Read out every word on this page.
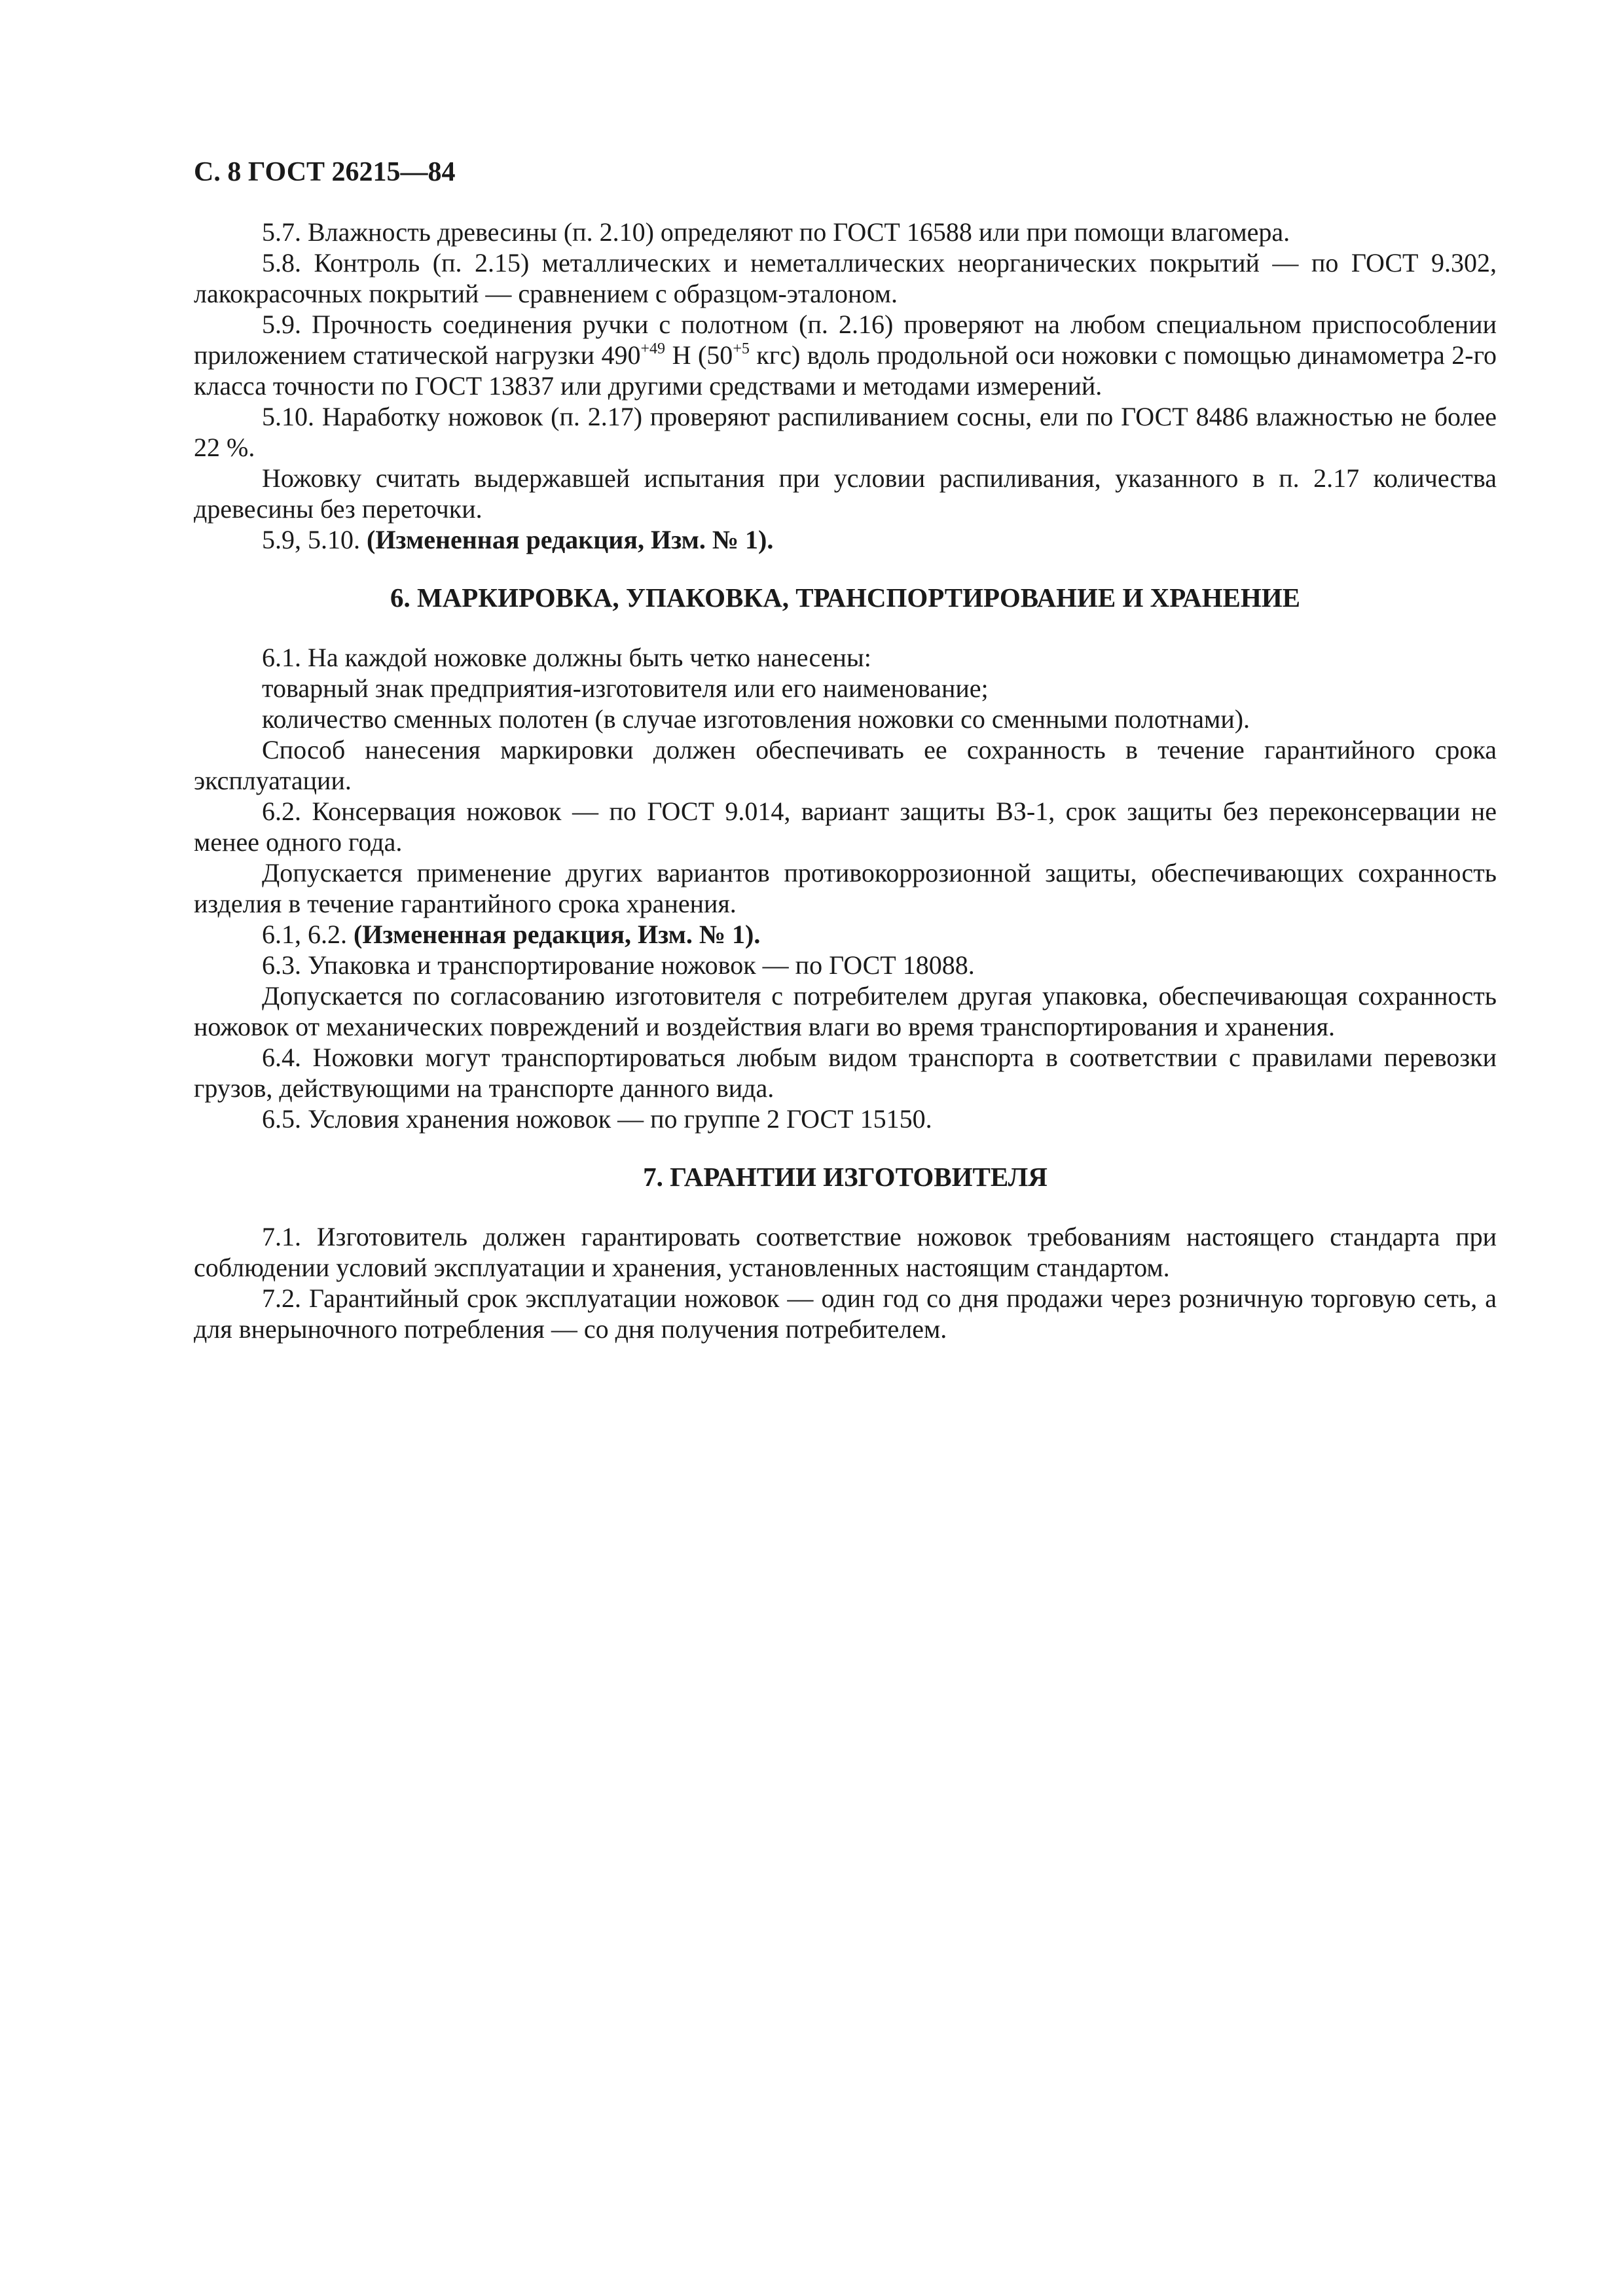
С. 8 ГОСТ 26215—84

5.7. Влажность древесины (п. 2.10) определяют по ГОСТ 16588 или при помощи влагомера.

5.8. Контроль (п. 2.15) металлических и неметаллических неорганических покрытий — по ГОСТ 9.302, лакокрасочных покрытий — сравнением с образцом-эталоном.

5.9. Прочность соединения ручки с полотном (п. 2.16) проверяют на любом специальном приспособлении приложением статической нагрузки $490^{+49}$ Н ($50^{+5}$ кгс) вдоль продольной оси ножовки с помощью динамометра 2-го класса точности по ГОСТ 13837 или другими средствами и методами измерений.

5.10. Наработку ножовок (п. 2.17) проверяют распиливанием сосны, ели по ГОСТ 8486 влажностью не более 22 %.

Ножовку считать выдержавшей испытания при условии распиливания, указанного в п. 2.17 количества древесины без переточки.

5.9, 5.10. (Измененная редакция, Изм. № 1).

6. МАРКИРОВКА, УПАКОВКА, ТРАНСПОРТИРОВАНИЕ И ХРАНЕНИЕ

6.1. На каждой ножовке должны быть четко нанесены:

товарный знак предприятия-изготовителя или его наименование;

количество сменных полотен (в случае изготовления ножовки со сменными полотнами).

Способ нанесения маркировки должен обеспечивать ее сохранность в течение гарантийного срока эксплуатации.

6.2. Консервация ножовок — по ГОСТ 9.014, вариант защиты ВЗ-1, срок защиты без переконсервации не менее одного года.

Допускается применение других вариантов противокоррозионной защиты, обеспечивающих сохранность изделия в течение гарантийного срока хранения.

6.1, 6.2. (Измененная редакция, Изм. № 1).

6.3. Упаковка и транспортирование ножовок — по ГОСТ 18088.

Допускается по согласованию изготовителя с потребителем другая упаковка, обеспечивающая сохранность ножовок от механических повреждений и воздействия влаги во время транспортирования и хранения.

6.4. Ножовки могут транспортироваться любым видом транспорта в соответствии с правилами перевозки грузов, действующими на транспорте данного вида.

6.5. Условия хранения ножовок — по группе 2 ГОСТ 15150.

7. ГАРАНТИИ ИЗГОТОВИТЕЛЯ

7.1. Изготовитель должен гарантировать соответствие ножовок требованиям настоящего стандарта при соблюдении условий эксплуатации и хранения, установленных настоящим стандартом.

7.2. Гарантийный срок эксплуатации ножовок — один год со дня продажи через розничную торговую сеть, а для внерыночного потребления — со дня получения потребителем.
